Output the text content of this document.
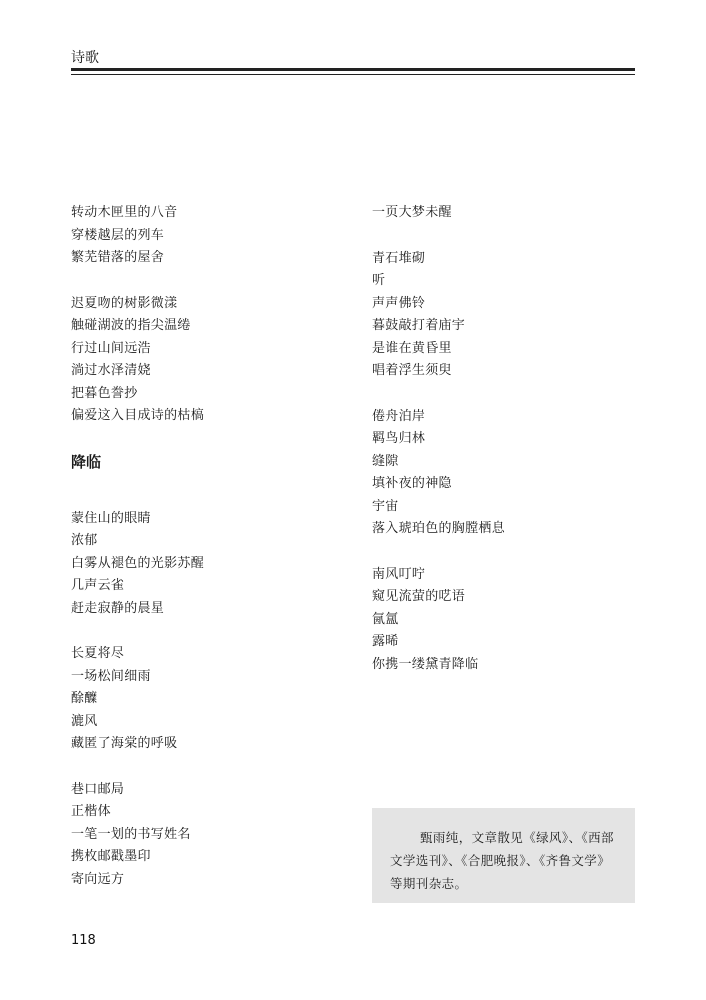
诗歌
转动木匣里的八音
穿楼越层的列车
繁芜错落的屋舍
迟夏吻的树影微漾
触碰湖波的指尖温绻
行过山间远浩
淌过水泽清娆
把暮色誊抄
偏爱这入目成诗的枯槁
降临
蒙住山的眼睛
浓郁
白雾从褪色的光影苏醒
几声云雀
赶走寂静的晨星
长夏将尽
一场松间细雨
酴醾
漉风
藏匿了海棠的呼吸
巷口邮局
正楷体
一笔一划的书写姓名
携枚邮戳墨印
寄向远方
一页大梦未醒
青石堆砌
听
声声佛铃
暮鼓敲打着庙宇
是谁在黄昏里
唱着浮生须臾
倦舟泊岸
羁鸟归林
缝隙
填补夜的神隐
宇宙
落入琥珀色的胸膛栖息
南风叮咛
窥见流萤的呓语
氤氲
露晞
你携一缕黛青降临

甄雨纯，文章散见《绿风》、《西部文学选刊》、《合肥晚报》、《齐鲁文学》等期刊杂志。

118
